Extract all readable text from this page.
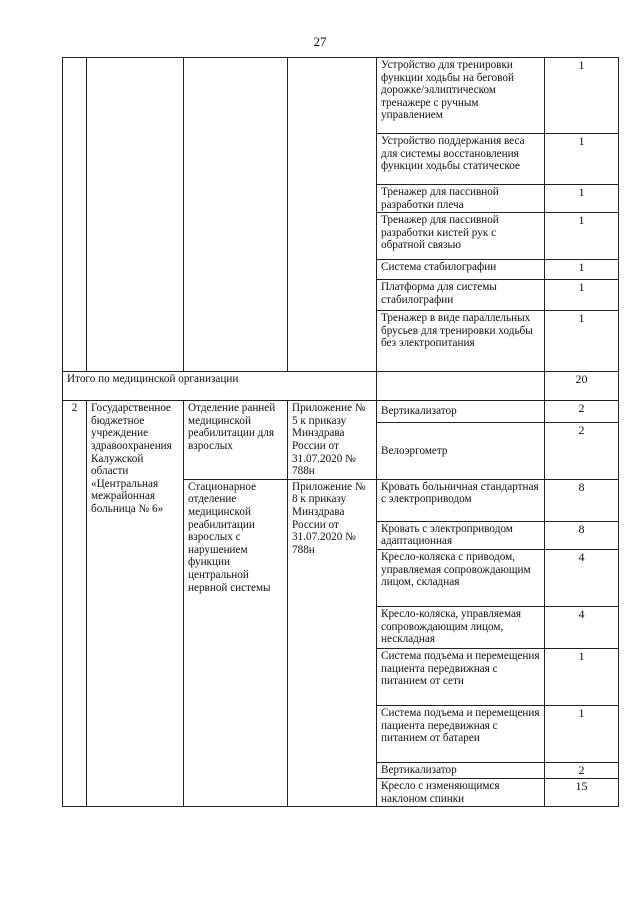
27
				Устройство для тренировки функции ходьбы на беговой дорожке/эллиптическом тренажере с ручным управлением	1
				Устройство поддержания веса для системы восстановления функции ходьбы статическое	1
				Тренажер для пассивной разработки плеча	1
				Тренажер для пассивной разработки кистей рук с обратной связью	1
				Система стабилографии	1
				Платформа для системы стабилографии	1
				Тренажер в виде параллельных брусьев для тренировки ходьбы без электропитания	1
Итого по медицинской организации					20
2	Государственное бюджетное учреждение здравоохранения Калужской области «Центральная межрайонная больница № 6»	Отделение ранней медицинской реабилитации для взрослых	Приложение № 5 к приказу Минздрава России от 31.07.2020 № 788н	Вертикализатор	2
				Велоэргометр	2
		Стационарное отделение медицинской реабилитации взрослых с нарушением функции центральной нервной системы	Приложение № 8 к приказу Минздрава России от 31.07.2020 № 788н	Кровать больничная стандартная с электроприводом	8
				Кровать с электроприводом адаптационная	8
				Кресло-коляска с приводом, управляемая сопровождающим лицом, складная	4
				Кресло-коляска, управляемая сопровождающим лицом, нескладная	4
				Система подъема и перемещения пациента передвижная с питанием от сети	1
				Система подъема и перемещения пациента передвижная с питанием от батареи	1
				Вертикализатор	2
				Кресло с изменяющимся наклоном спинки	15
